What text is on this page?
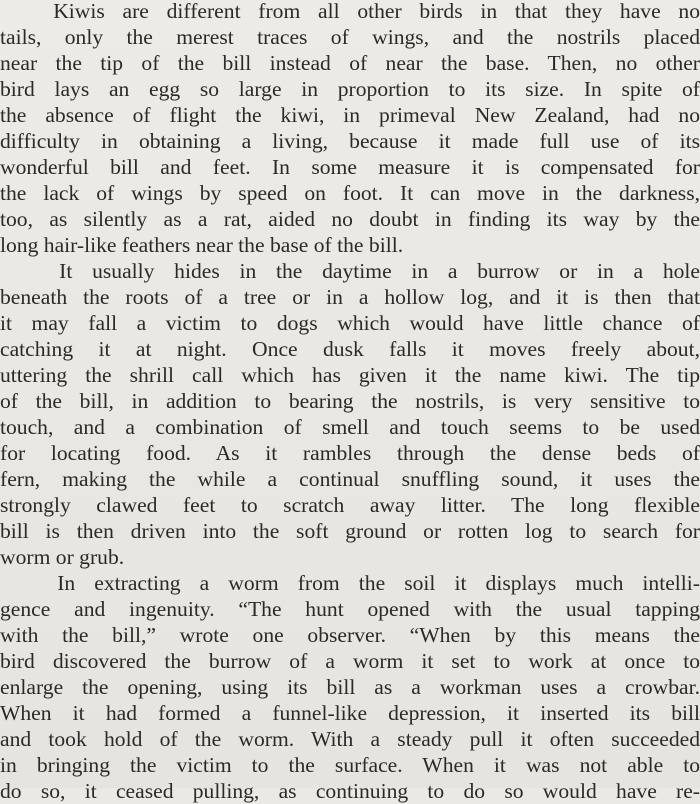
Kiwis are different from all other birds in that they have no
tails, only the merest traces of wings, and the nostrils placed
near the tip of the bill instead of near the base. Then, no other
bird lays an egg so large in proportion to its size. In spite of
the absence of flight the kiwi, in primeval New Zealand, had no
difficulty in obtaining a living, because it made full use of its
wonderful bill and feet. In some measure it is compensated for
the lack of wings by speed on foot. It can move in the darkness,
too, as silently as a rat, aided no doubt in finding its way by the
long hair-like feathers near the base of the bill.
It usually hides in the daytime in a burrow or in a hole
beneath the roots of a tree or in a hollow log, and it is then that
it may fall a victim to dogs which would have little chance of
catching it at night. Once dusk falls it moves freely about,
uttering the shrill call which has given it the name kiwi. The tip
of the bill, in addition to bearing the nostrils, is very sensitive to
touch, and a combination of smell and touch seems to be used
for locating food. As it rambles through the dense beds of
fern, making the while a continual snuffling sound, it uses the
strongly clawed feet to scratch away litter. The long flexible
bill is then driven into the soft ground or rotten log to search for
worm or grub.
In extracting a worm from the soil it displays much intelli-
gence and ingenuity. “The hunt opened with the usual tapping
with the bill,” wrote one observer. “When by this means the
bird discovered the burrow of a worm it set to work at once to
enlarge the opening, using its bill as a workman uses a crowbar.
When it had formed a funnel-like depression, it inserted its bill
and took hold of the worm. With a steady pull it often succeeded
in bringing the victim to the surface. When it was not able to
do so, it ceased pulling, as continuing to do so would have re-
